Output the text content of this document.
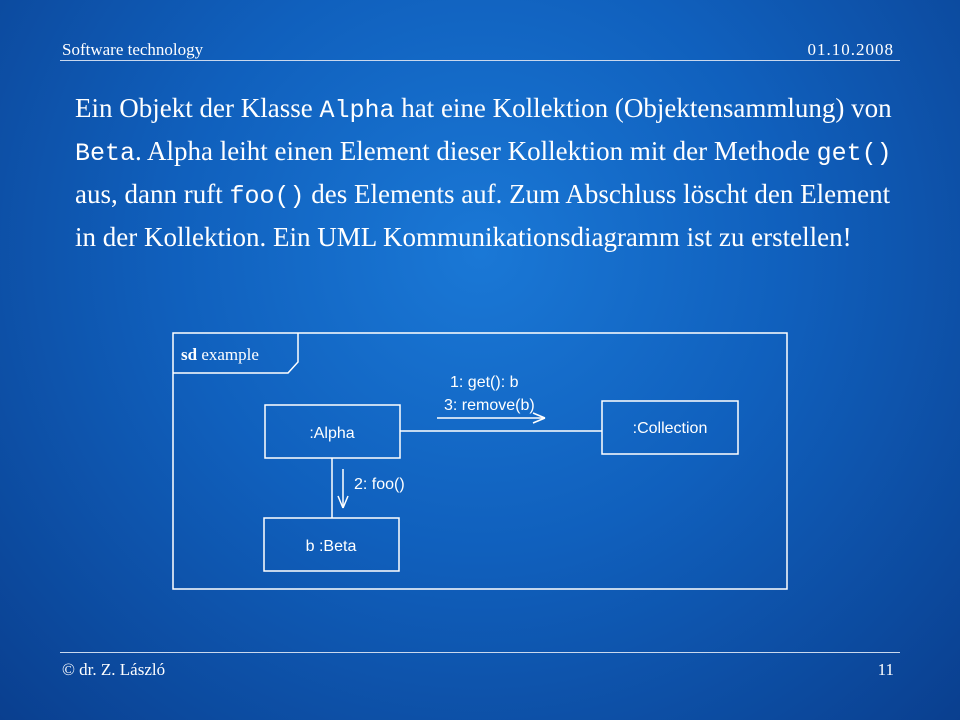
Software technology	01.10.2008

Ein Objekt der Klasse Alpha hat eine Kollektion (Objektensammlung) von Beta. Alpha leiht einen Element dieser Kollektion mit der Methode get() aus, dann ruft foo() des Elements auf. Zum Abschluss löscht den Element in der Kollektion. Ein UML Kommunikationsdiagramm ist zu erstellen!

sd example
:Alpha	:Collection
b :Beta
1: get(): b
3: remove(b)
2: foo()
© dr. Z. László	11
